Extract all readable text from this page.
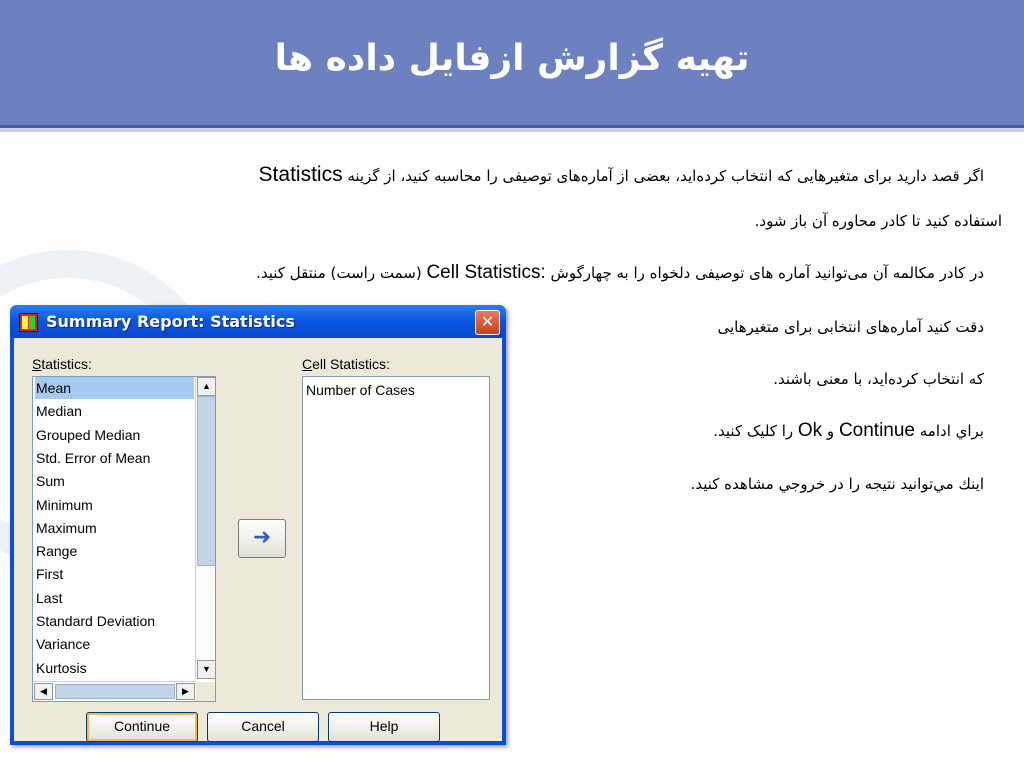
تهیه گزارش ازفایل داده ها
اگر قصد دارید برای متغیرهایی که انتخاب کرده‌اید، بعضی از آماره‌های توصیفی را محاسبه کنید، از گزینه Statistics
استفاده کنید تا کادر محاوره آن باز شود.
در کادر مکالمه آن می‌توانید آماره های توصیفی دلخواه را به چهارگوش Cell Statistics: (سمت راست) منتقل کنید.
دقت کنید آماره‌های انتخابی برای متغیرهایی
که انتخاب کرده‌اید، با معنی باشند.
براي ادامه Continue و Ok را کلیک کنید.
اينك مي‌توانيد نتيجه را در خروجي مشاهده كنيد.
Summary Report: Statistics	✕
Statistics:	Cell Statistics:
Kurtosis
Variance
Standard Deviation
Last
First
Range
Maximum
Minimum
Sum
Std. Error of Mean
Grouped Median
Median
Mean	▲
▼
◀	▶
➜
Number of Cases
Continue	Cancel	Help
